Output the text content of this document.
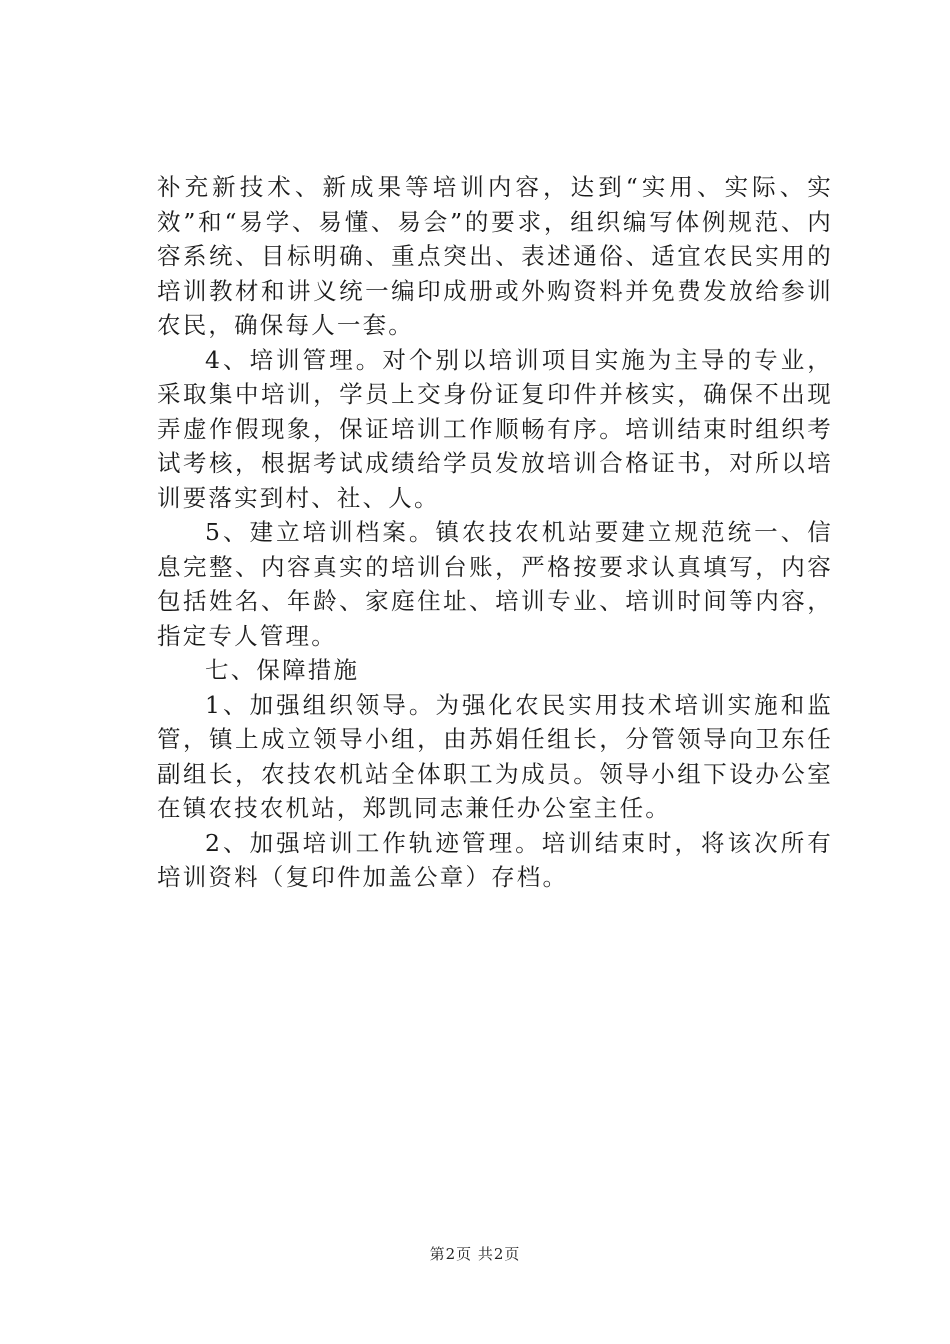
补充新技术、新成果等培训内容，达到“实用、实际、实效”和“易学、易懂、易会”的要求，组织编写体例规范、内容系统、目标明确、重点突出、表述通俗、适宜农民实用的培训教材和讲义统一编印成册或外购资料并免费发放给参训农民，确保每人一套。

4、培训管理。对个别以培训项目实施为主导的专业，采取集中培训，学员上交身份证复印件并核实，确保不出现弄虚作假现象，保证培训工作顺畅有序。培训结束时组织考试考核，根据考试成绩给学员发放培训合格证书，对所以培训要落实到村、社、人。

5、建立培训档案。镇农技农机站要建立规范统一、信息完整、内容真实的培训台账，严格按要求认真填写，内容包括姓名、年龄、家庭住址、培训专业、培训时间等内容，指定专人管理。

七、保障措施

1、加强组织领导。为强化农民实用技术培训实施和监管，镇上成立领导小组，由苏娟任组长，分管领导向卫东任副组长，农技农机站全体职工为成员。领导小组下设办公室在镇农技农机站，郑凯同志兼任办公室主任。

2、加强培训工作轨迹管理。培训结束时，将该次所有培训资料（复印件加盖公章）存档。

第2页 共2页
